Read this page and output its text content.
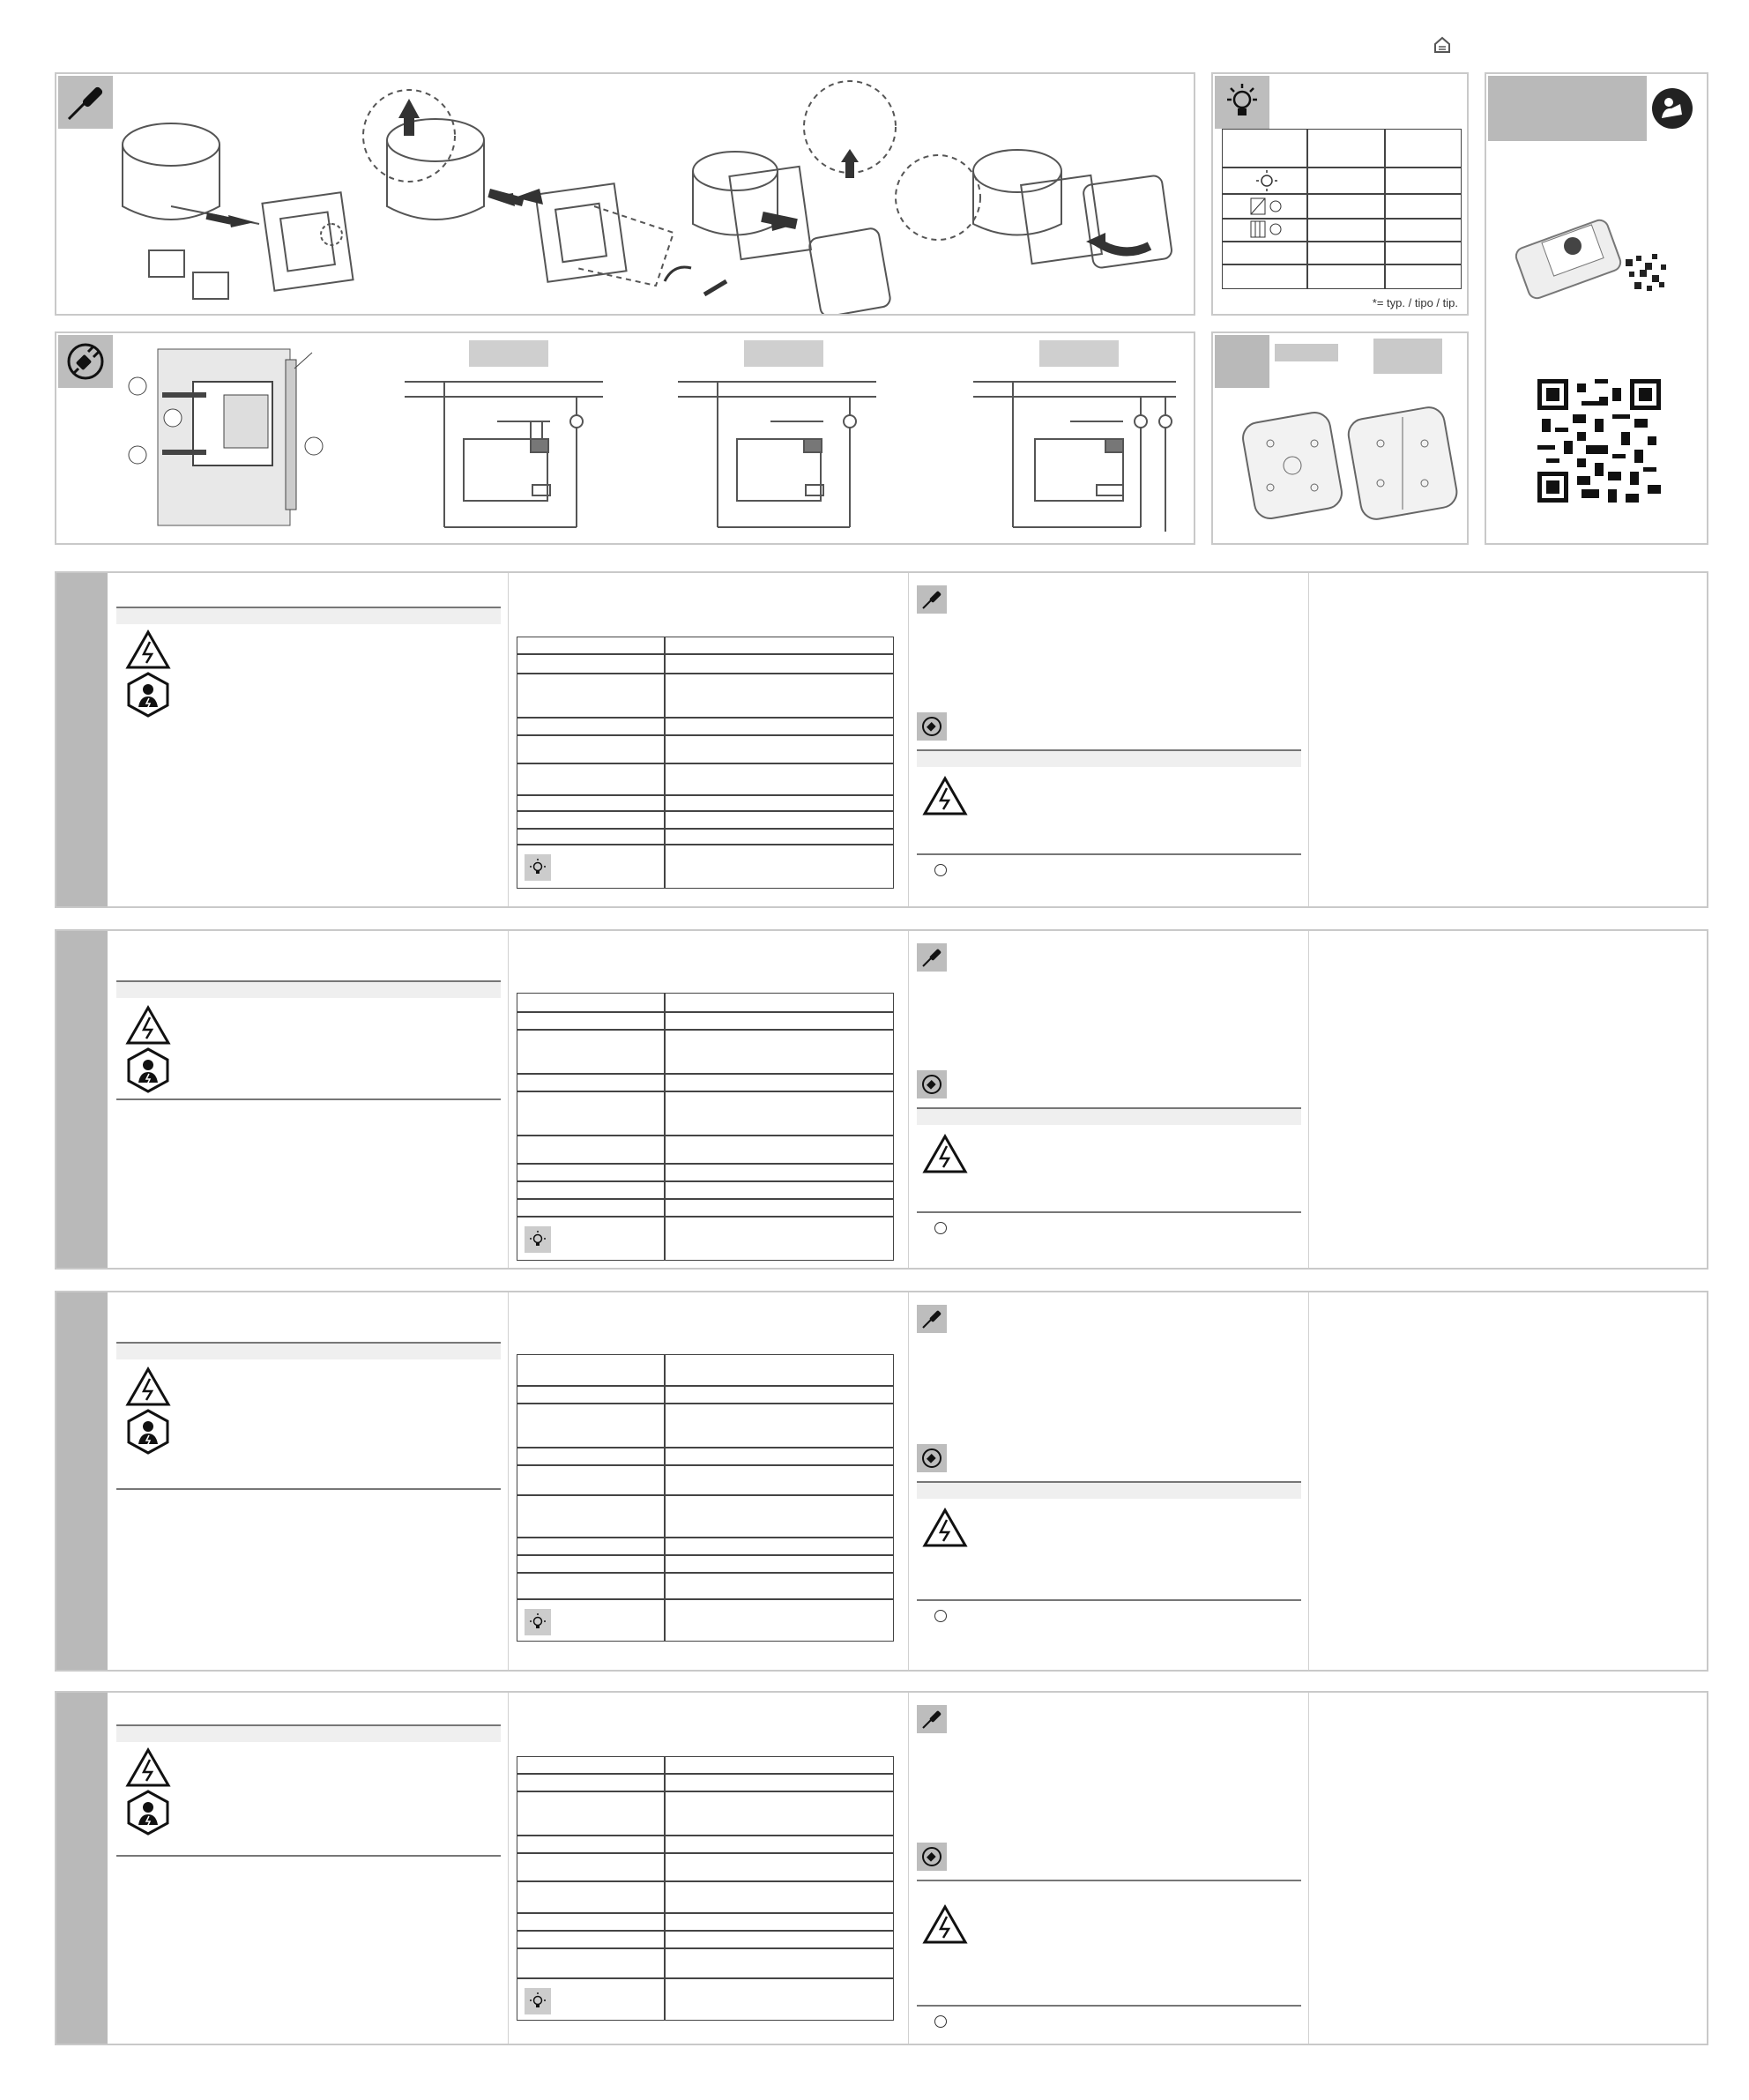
*= typ. / tipo / tip.
